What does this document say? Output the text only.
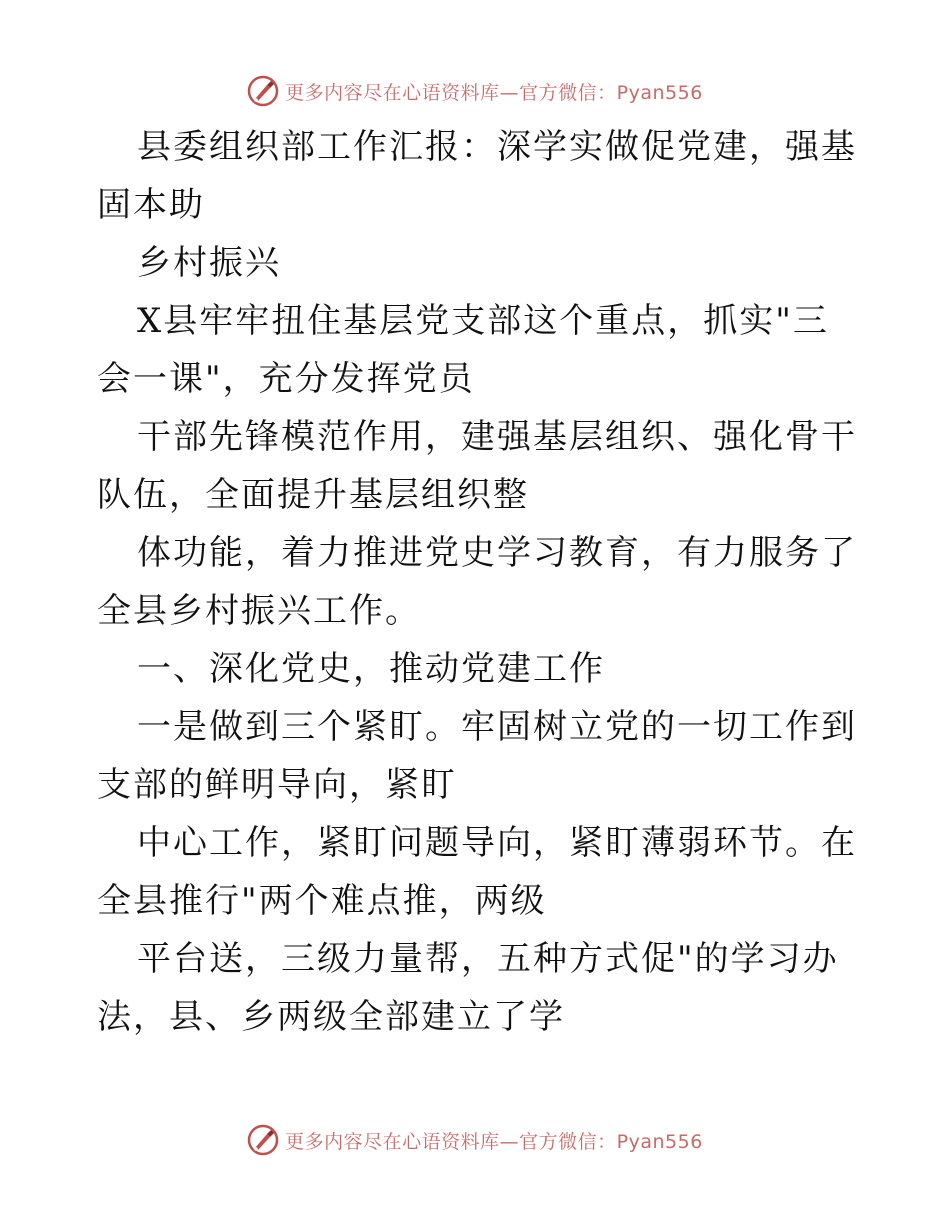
更多内容尽在心语资料库—官方微信：Pyan556

县委组织部工作汇报：深学实做促党建，强基固本助

乡村振兴

X县牢牢扭住基层党支部这个重点，抓实"三会一课"，充分发挥党员

干部先锋模范作用，建强基层组织、强化骨干队伍，全面提升基层组织整

体功能，着力推进党史学习教育，有力服务了全县乡村振兴工作。

一、深化党史，推动党建工作

一是做到三个紧盯。牢固树立党的一切工作到支部的鲜明导向，紧盯

中心工作，紧盯问题导向，紧盯薄弱环节。在全县推行"两个难点推，两级

平台送，三级力量帮，五种方式促"的学习办法，县、乡两级全部建立了学

更多内容尽在心语资料库—官方微信：Pyan556
